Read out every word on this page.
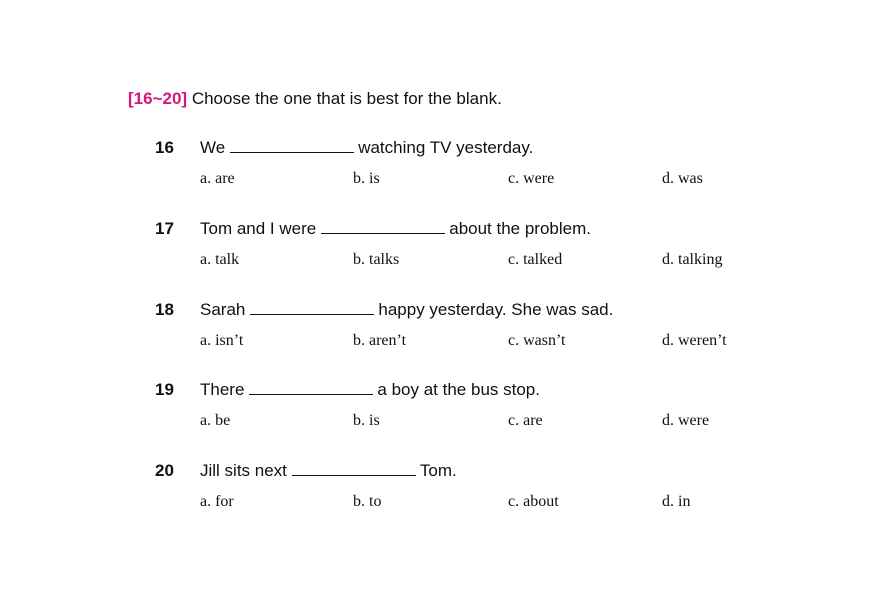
[16~20] Choose the one that is best for the blank.
16 We	watching TV yesterday.
a. are	b. is	c. were	d. was
17 Tom and I were	about the problem.
a. talk	b. talks	c. talked	d. talking
18 Sarah	happy yesterday. She was sad.
a. isn’t	b. aren’t	c. wasn’t	d. weren’t
19 There	a boy at the bus stop.
a. be	b. is	c. are	d. were
20 Jill sits next	Tom.
a. for	b. to	c. about	d. in
